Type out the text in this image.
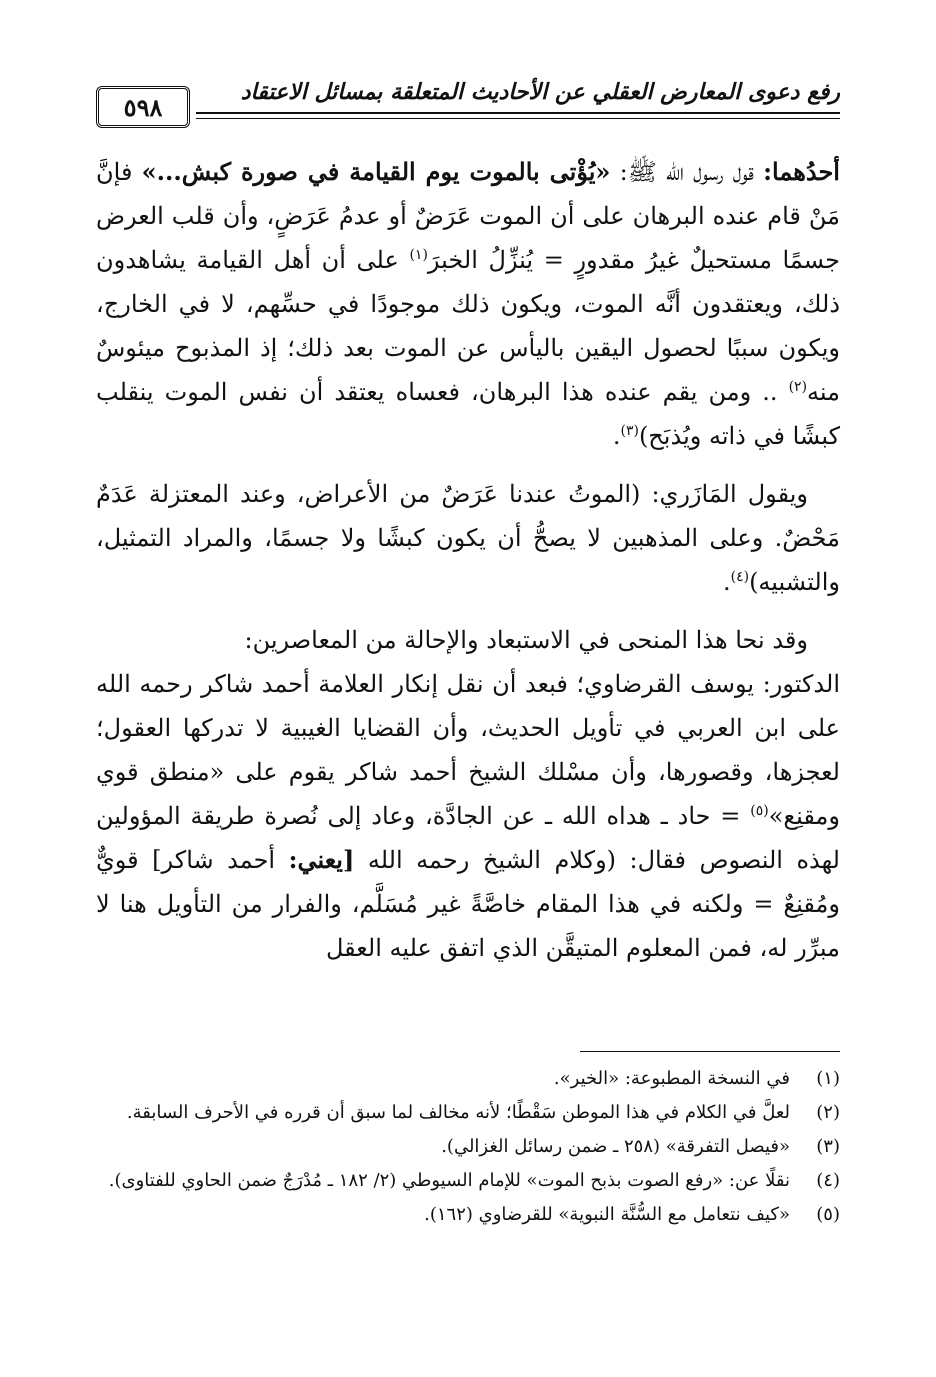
رفع دعوى المعارض العقلي عن الأحاديث المتعلقة بمسائل الاعتقاد
٥٩٨

أحدُهما: قول رسول الله ﷺ: «يُؤْتى بالموت يوم القيامة في صورة كبش...» فإنَّ مَنْ قام عنده البرهان على أن الموت عَرَضٌ أو عدمُ عَرَضٍ، وأن قلب العرض جسمًا مستحيلٌ غيرُ مقدورٍ = يُنزِّلُ الخبرَ$^{(١)}$ على أن أهل القيامة يشاهدون ذلك، ويعتقدون أنَّه الموت، ويكون ذلك موجودًا في حسِّهم، لا في الخارج، ويكون سببًا لحصول اليقين باليأس عن الموت بعد ذلك؛ إذ المذبوح ميئوسٌ منه$^{(٢)}$ .. ومن يقم عنده هذا البرهان، فعساه يعتقد أن نفس الموت ينقلب كبشًا في ذاته ويُذبَح)$^{(٣)}$.

ويقول المَازَري: (الموتُ عندنا عَرَضٌ من الأعراض، وعند المعتزلة عَدَمٌ مَحْضٌ. وعلى المذهبين لا يصحُّ أن يكون كبشًا ولا جسمًا، والمراد التمثيل، والتشبيه)$^{(٤)}$.

وقد نحا هذا المنحى في الاستبعاد والإحالة من المعاصرين:
الدكتور: يوسف القرضاوي؛ فبعد أن نقل إنكار العلامة أحمد شاكر رحمه الله على ابن العربي في تأويل الحديث، وأن القضايا الغيبية لا تدركها العقول؛ لعجزها، وقصورها، وأن مسْلك الشيخ أحمد شاكر يقوم على «منطق قوي ومقنِع»$^{(٥)}$ = حاد ـ هداه الله ـ عن الجادَّة، وعاد إلى نُصرة طريقة المؤولين لهذه النصوص فقال: (وكلام الشيخ رحمه الله [يعني: أحمد شاكر] قويٌّ ومُقنِعٌ = ولكنه في هذا المقام خاصَّةً غير مُسَلَّم، والفرار من التأويل هنا لا مبرِّر له، فمن المعلوم المتيقَّن الذي اتفق عليه العقل

(١)
في النسخة المطبوعة: «الخير».
(٢)
لعلَّ في الكلام في هذا الموطن سَقْطًا؛ لأنه مخالف لما سبق أن قرره في الأحرف السابقة.
(٣)
«فيصل التفرقة» (٢٥٨ ـ ضمن رسائل الغزالي).
(٤)
نقلًا عن: «رفع الصوت بذبح الموت» للإمام السيوطي (٢/ ١٨٢ ـ مُدْرَجٌ ضمن الحاوي للفتاوى).
(٥)
«كيف نتعامل مع السُّنَّة النبوية» للقرضاوي (١٦٢).
